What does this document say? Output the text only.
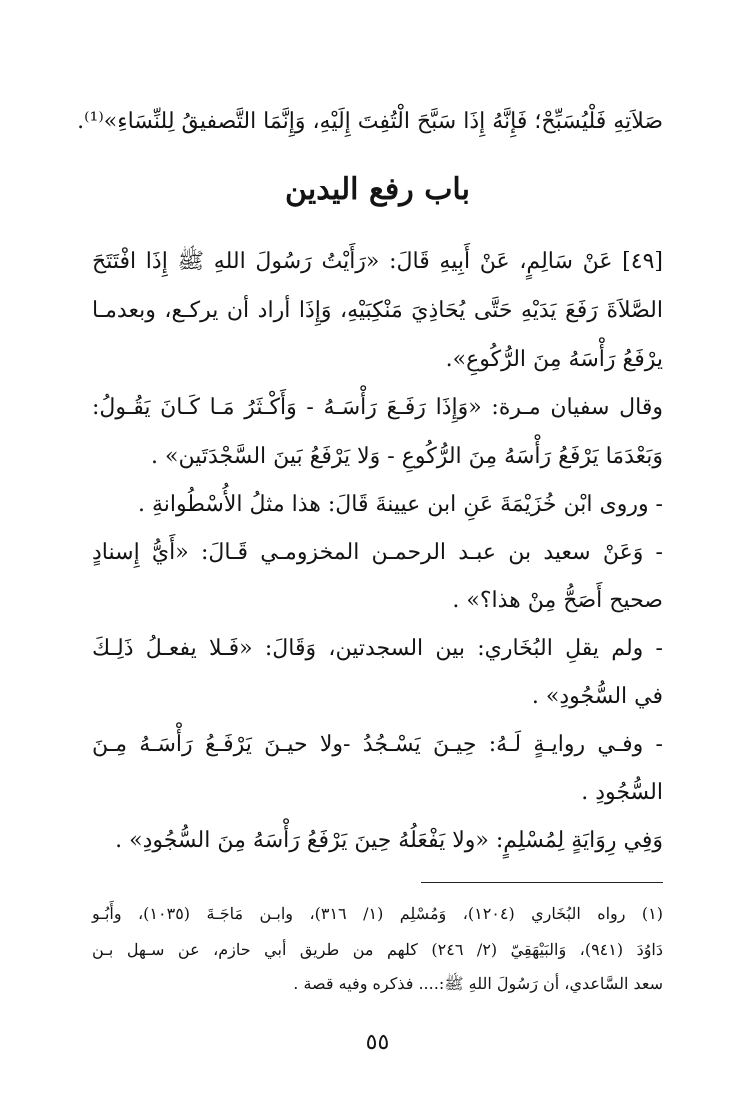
صَلاَتِهِ فَلْيُسَبِّحْ؛ فَإِنَّهُ إِذَا سَبَّحَ الْتُفِتَ إِلَيْهِ، وَإِنَّمَا التَّصفيقُ لِلنِّسَاءِ»⁽¹⁾.
باب رفع اليدين
[٤٩] عَنْ سَالِمٍ، عَنْ أَبِيهِ قَالَ: «رَأَيْتُ رَسُولَ اللهِ ﷺ إِذَا افْتَتَحَ
الصَّلاَةَ رَفَعَ يَدَيْهِ حَتَّى يُحَاذِيَ مَنْكِبَيْهِ، وَإِذَا أراد أن يركـع، وبعدمـا
يرْفَعُ رَأْسَهُ مِنَ الرُّكُوعِ».
وقال سفيان مـرة: «وَإِذَا رَفَـعَ رَأْسَـهُ - وَأَكْـثَرُ مَـا كَـانَ يَقُـولُ:
وَبَعْدَمَا يَرْفَعُ رَأْسَهُ مِنَ الرُّكُوعِ - وَلا يَرْفَعُ بَينَ السَّجْدَتَين» .
- وروى ابْن خُزَيْمَةَ عَنِ ابن عيينةَ قَالَ: هذا مثلُ الأُسْطُوانةِ .
- وَعَنْ سعيد بن عبـد الرحمـن المخزومـي قَـالَ: «أَيُّ إِسنادٍ
صحيح أَصَحُّ مِنْ هذا؟» .
- ولم يقلِ البُخَاري: بين السجدتين، وَقَالَ: «فَـلا يفعـلُ ذَلِـكَ
في السُّجُودِ» .
- وفـي روايـةٍ لَـهُ: حِيـنَ يَسْـجُدُ -ولا حيـنَ يَرْفَـعُ رَأْسَـهُ مِـنَ
السُّجُودِ .
وَفِي رِوَايَةٍ لِمُسْلِمٍ: «ولا يَفْعَلُهُ حِينَ يَرْفَعُ رَأْسَهُ مِنَ السُّجُودِ» .
(١) رواه البُخَاري (١٢٠٤)، وَمُسْلِم (١/ ٣١٦)، وابـن مَاجَـةَ (١٠٣٥)، وأَبُـو
دَاوُدَ (٩٤١)، وَالبَيْهَقِيّ (٢/ ٢٤٦) كلهم من طريق أبي حازم، عن سـهل بـن
سعد السَّاعدي، أن رَسُولَ اللهِ ﷺ:.... فذكره وفيه قصة .
٥٥
